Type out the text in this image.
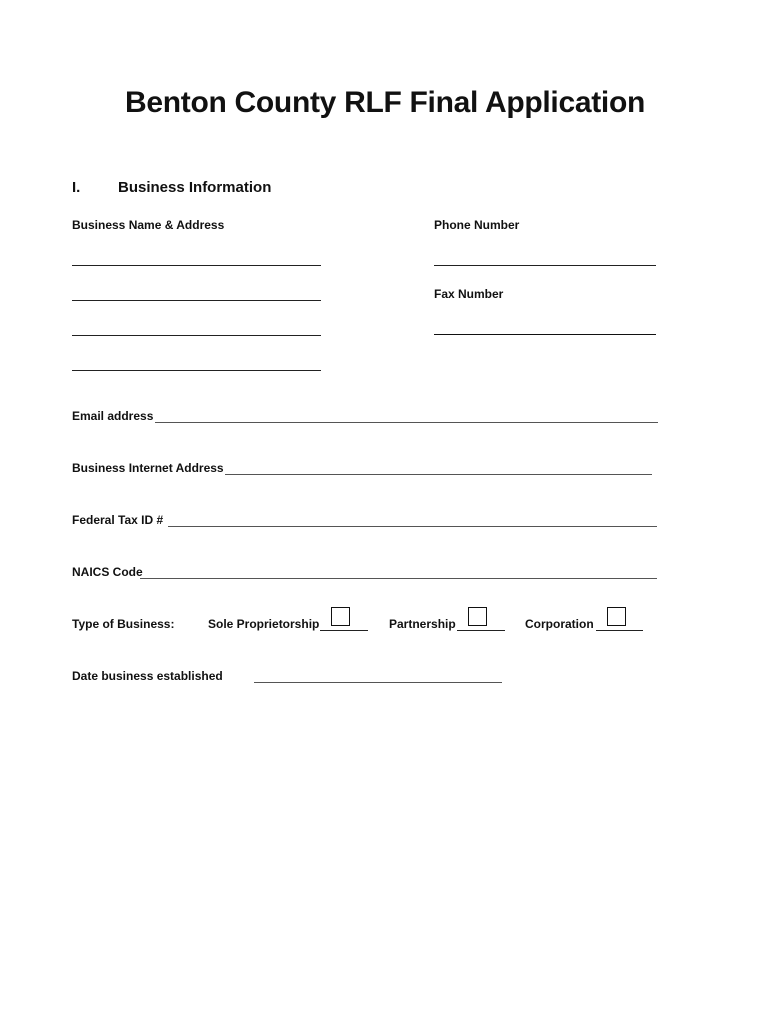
Benton County RLF Final Application
I.	Business Information
Business Name & Address	Phone Number
Fax Number
Email address
Business Internet Address
Federal Tax ID #
NAICS Code
Type of Business:	Sole Proprietorship	Partnership	Corporation
Date business established
